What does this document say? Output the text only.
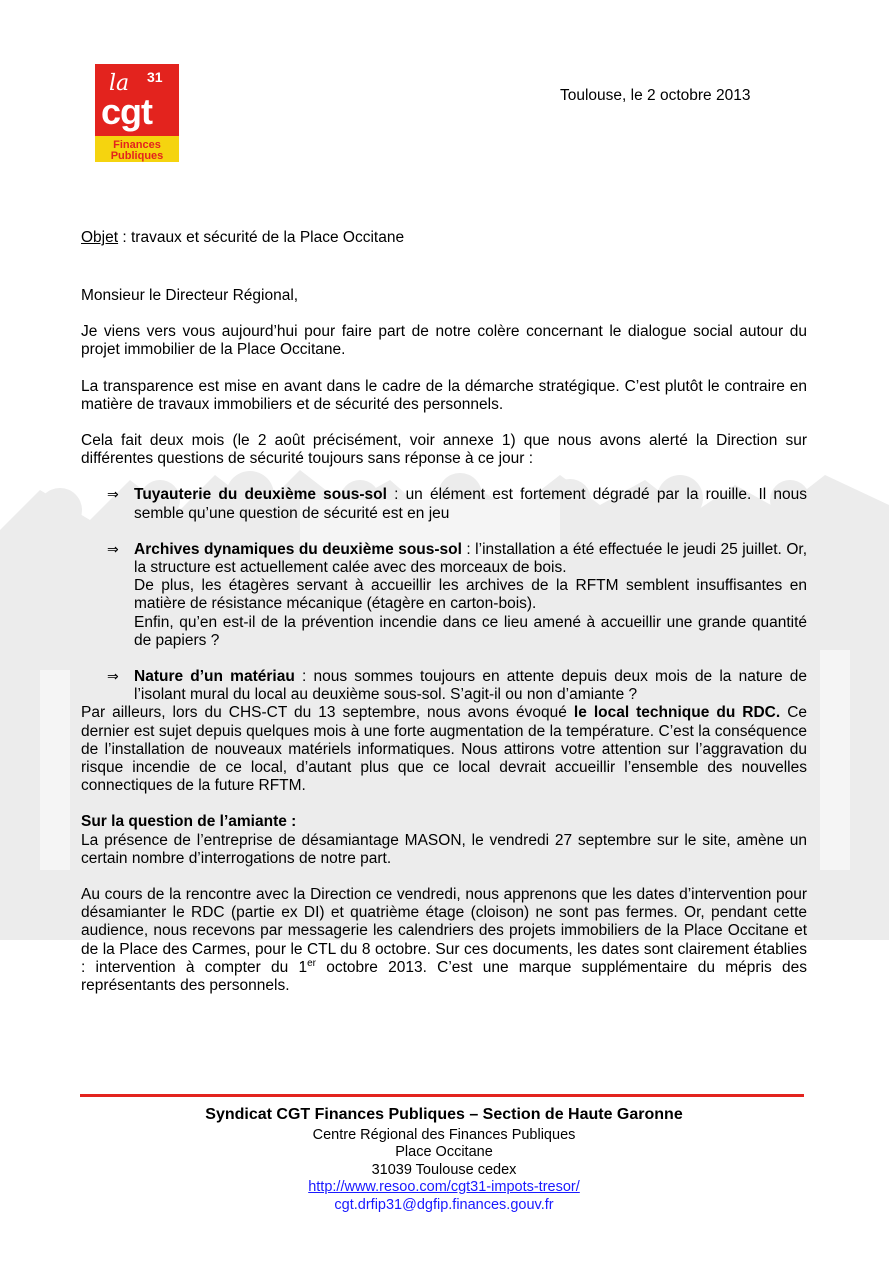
la 31
cgt
Finances
Publiques
Toulouse, le 2 octobre 2013
Objet : travaux et sécurité de la Place Occitane

Monsieur le Directeur Régional,

Je viens vers vous aujourd’hui pour faire part de notre colère concernant le dialogue social autour du projet immobilier de la Place Occitane.

La transparence est mise en avant dans le cadre de la démarche stratégique. C’est plutôt le contraire en matière de travaux immobiliers et de sécurité des personnels.

Cela fait deux mois (le 2 août précisément, voir annexe 1) que nous avons alerté la Direction sur différentes questions de sécurité toujours sans réponse à ce jour :

⇒ Tuyauterie du deuxième sous-sol : un élément est fortement dégradé par la rouille. Il nous semble qu’une question de sécurité est en jeu
⇒ Archives dynamiques du deuxième sous-sol : l’installation a été effectuée le jeudi 25 juillet. Or, la structure est actuellement calée avec des morceaux de bois.
De plus, les étagères servant à accueillir les archives de la RFTM semblent insuffisantes en matière de résistance mécanique (étagère en carton-bois).
Enfin, qu’en est-il de la prévention incendie dans ce lieu amené à accueillir une grande quantité de papiers ?
⇒ Nature d’un matériau : nous sommes toujours en attente depuis deux mois de la nature de l’isolant mural du local au deuxième sous-sol. S’agit-il ou non d’amiante ?

Par ailleurs, lors du CHS-CT du 13 septembre, nous avons évoqué le local technique du RDC. Ce dernier est sujet depuis quelques mois à une forte augmentation de la température. C’est la conséquence de l’installation de nouveaux matériels informatiques. Nous attirons votre attention sur l’aggravation du risque incendie de ce local, d’autant plus que ce local devrait accueillir l’ensemble des nouvelles connectiques de la future RFTM.

Sur la question de l’amiante :
La présence de l’entreprise de désamiantage MASON, le vendredi 27 septembre sur le site, amène un certain nombre d’interrogations de notre part.

Au cours de la rencontre avec la Direction ce vendredi, nous apprenons que les dates d’intervention pour désamianter le RDC (partie ex DI) et quatrième étage (cloison) ne sont pas fermes. Or, pendant cette audience, nous recevons par messagerie les calendriers des projets immobiliers de la Place Occitane et de la Place des Carmes, pour le CTL du 8 octobre. Sur ces documents, les dates sont clairement établies : intervention à compter du 1er octobre 2013. C’est une marque supplémentaire du mépris des représentants des personnels.

Syndicat CGT Finances Publiques – Section de Haute Garonne
Centre Régional des Finances Publiques
Place Occitane
31039 Toulouse cedex
http://www.resoo.com/cgt31-impots-tresor/
cgt.drfip31@dgfip.finances.gouv.fr
